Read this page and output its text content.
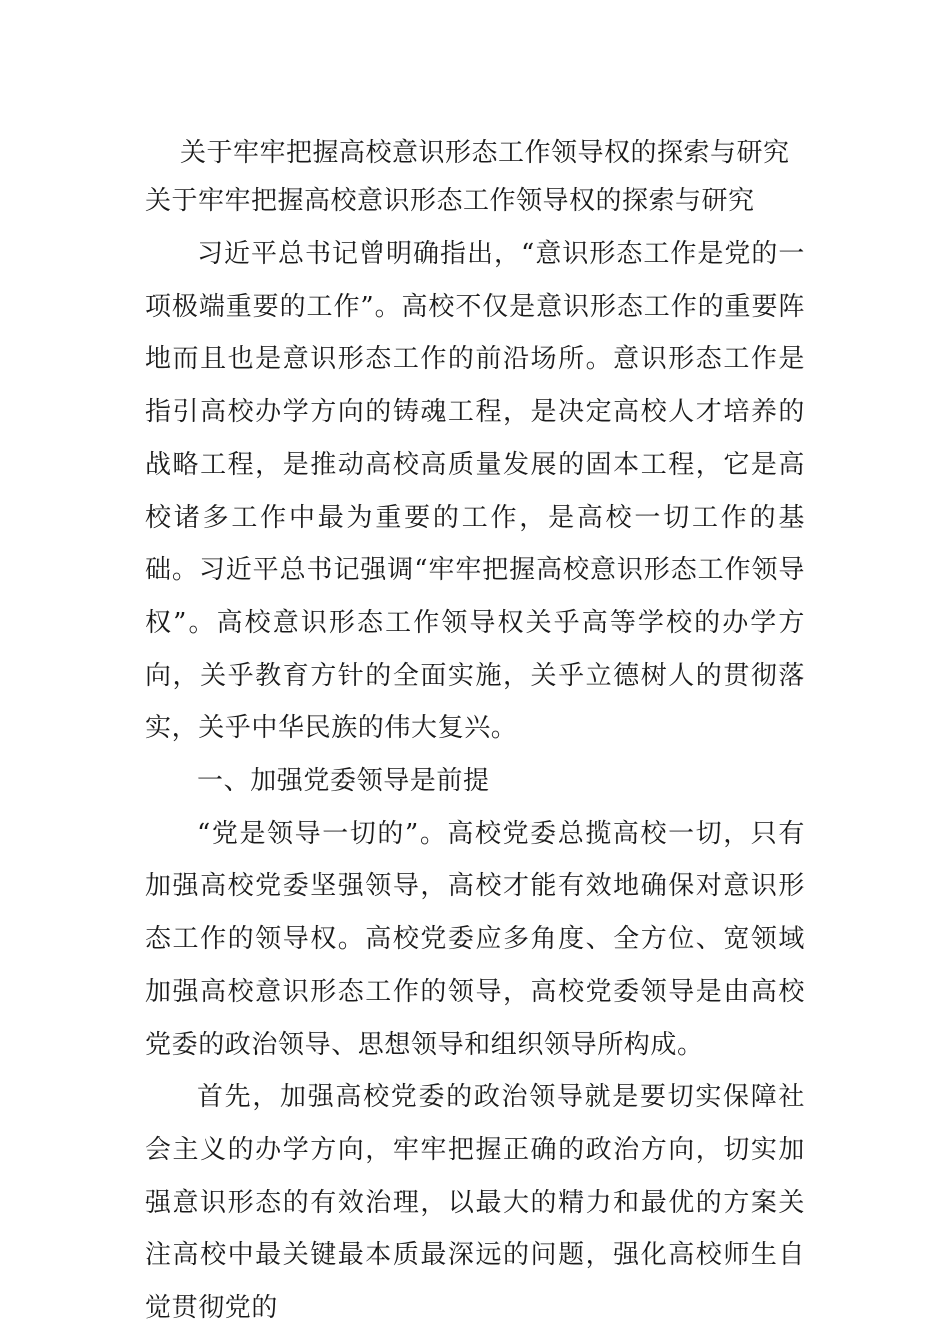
关于牢牢把握高校意识形态工作领导权的探索与研究
关于牢牢把握高校意识形态工作领导权的探索与研究

习近平总书记曾明确指出，“意识形态工作是党的一项极端重要的工作”。高校不仅是意识形态工作的重要阵地而且也是意识形态工作的前沿场所。意识形态工作是指引高校办学方向的铸魂工程，是决定高校人才培养的战略工程，是推动高校高质量发展的固本工程，它是高校诸多工作中最为重要的工作，是高校一切工作的基础。习近平总书记强调“牢牢把握高校意识形态工作领导权”。高校意识形态工作领导权关乎高等学校的办学方向，关乎教育方针的全面实施，关乎立德树人的贯彻落实，关乎中华民族的伟大复兴。

一、加强党委领导是前提

“党是领导一切的”。高校党委总揽高校一切，只有加强高校党委坚强领导，高校才能有效地确保对意识形态工作的领导权。高校党委应多角度、全方位、宽领域加强高校意识形态工作的领导，高校党委领导是由高校党委的政治领导、思想领导和组织领导所构成。

首先，加强高校党委的政治领导就是要切实保障社会主义的办学方向，牢牢把握正确的政治方向，切实加强意识形态的有效治理，以最大的精力和最优的方案关注高校中最关键最本质最深远的问题，强化高校师生自觉贯彻党的
